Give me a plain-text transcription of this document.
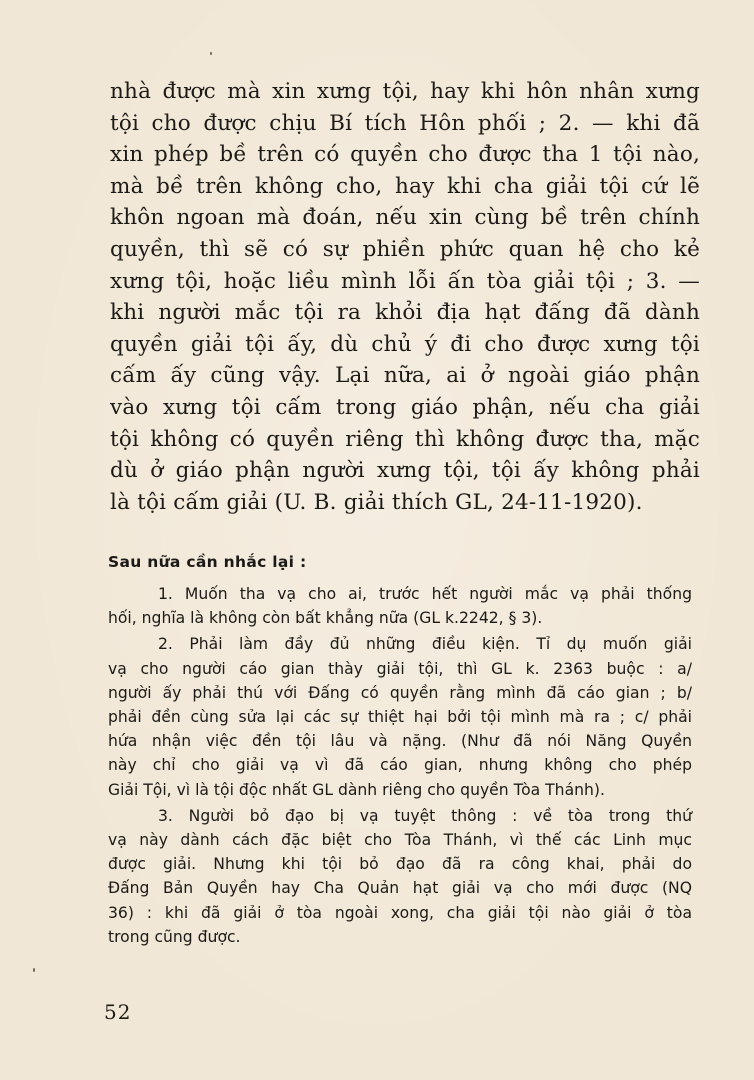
nhà được mà xin xưng tội, hay khi hôn nhân xưng
tội cho được chịu Bí tích Hôn phối ; 2. — khi đã
xin phép bề trên có quyền cho được tha 1 tội nào,
mà bề trên không cho, hay khi cha giải tội cứ lẽ
khôn ngoan mà đoán, nếu xin cùng bề trên chính
quyền, thì sẽ có sự phiền phức quan hệ cho kẻ
xưng tội, hoặc liều mình lỗi ấn tòa giải tội ; 3. —
khi người mắc tội ra khỏi địa hạt đấng đã dành
quyền giải tội ấy, dù chủ ý đi cho được xưng tội
cấm ấy cũng vậy. Lại nữa, ai ở ngoài giáo phận
vào xưng tội cấm trong giáo phận, nếu cha giải
tội không có quyền riêng thì không được tha, mặc
dù ở giáo phận người xưng tội, tội ấy không phải
là tội cấm giải (U. B. giải thích GL, 24-11-1920).
Sau nữa cần nhắc lại :
1. Muốn tha vạ cho ai, trước hết người mắc vạ phải thống
hối, nghĩa là không còn bất khẳng nữa (GL k.2242, § 3).
2. Phải làm đầy đủ những điều kiện. Tỉ dụ muốn giải
vạ cho người cáo gian thày giải tội, thì GL k. 2363 buộc : a/
người ấy phải thú với Đấng có quyền rằng mình đã cáo gian ; b/
phải đền cùng sửa lại các sự thiệt hại bởi tội mình mà ra ; c/ phải
hứa nhận việc đền tội lâu và nặng. (Như đã nói Năng Quyền
này chỉ cho giải vạ vì đã cáo gian, nhưng không cho phép
Giải Tội, vì là tội độc nhất GL dành riêng cho quyền Tòa Thánh).
3. Người bỏ đạo bị vạ tuyệt thông : về tòa trong thứ
vạ này dành cách đặc biệt cho Tòa Thánh, vì thế các Linh mục
được giải. Nhưng khi tội bỏ đạo đã ra công khai, phải do
Đấng Bản Quyền hay Cha Quản hạt giải vạ cho mới được (NQ
36) : khi đã giải ở tòa ngoài xong, cha giải tội nào giải ở tòa
trong cũng được.
52
